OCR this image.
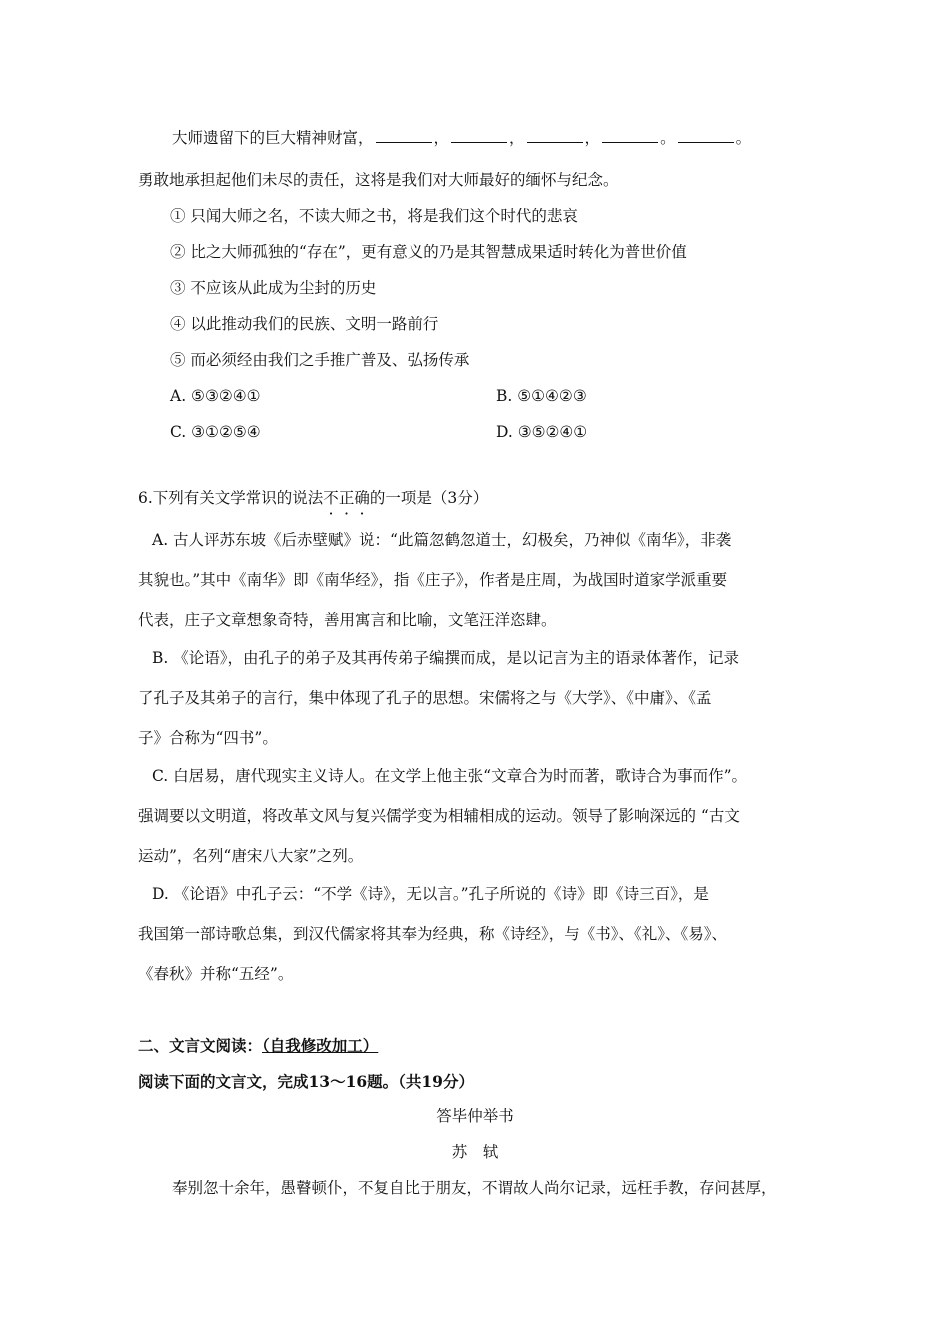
大师遗留下的巨大精神财富，	，	，	，	。	。
勇敢地承担起他们未尽的责任，这将是我们对大师最好的缅怀与纪念。
① 只闻大师之名，不读大师之书，将是我们这个时代的悲哀
② 比之大师孤独的“存在”，更有意义的乃是其智慧成果适时转化为普世价值
③ 不应该从此成为尘封的历史
④ 以此推动我们的民族、文明一路前行
⑤ 而必须经由我们之手推广普及、弘扬传承
A. ⑤③②④①	B. ⑤①④②③
C. ③①②⑤④	D. ③⑤②④①
6.下列有关文学常识的说法不正确的一项是（3分）
A. 古人评苏东坡《后赤壁赋》说：“此篇忽鹤忽道士，幻极矣，乃神似《南华》，非袭
其貌也。”其中《南华》即《南华经》，指《庄子》，作者是庄周，为战国时道家学派重要
代表，庄子文章想象奇特，善用寓言和比喻，文笔汪洋恣肆。
B. 《论语》，由孔子的弟子及其再传弟子编撰而成，是以记言为主的语录体著作，记录
了孔子及其弟子的言行，集中体现了孔子的思想。宋儒将之与《大学》、《中庸》、《孟
子》合称为“四书”。
C. 白居易，唐代现实主义诗人。在文学上他主张“文章合为时而著，歌诗合为事而作”。
强调要以文明道，将改革文风与复兴儒学变为相辅相成的运动。领导了影响深远的 “古文
运动”，名列“唐宋八大家”之列。
D. 《论语》中孔子云：“不学《诗》，无以言。”孔子所说的《诗》即《诗三百》，是
我国第一部诗歌总集，到汉代儒家将其奉为经典，称《诗经》，与《书》、《礼》、《易》、
《春秋》并称“五经”。
二、文言文阅读：（自我修改加工）
阅读下面的文言文，完成13～16题。（共19分）
答毕仲举书
苏　轼
奉别忽十余年，愚瞽顿仆，不复自比于朋友，不谓故人尚尔记录，远枉手教，存问甚厚，
